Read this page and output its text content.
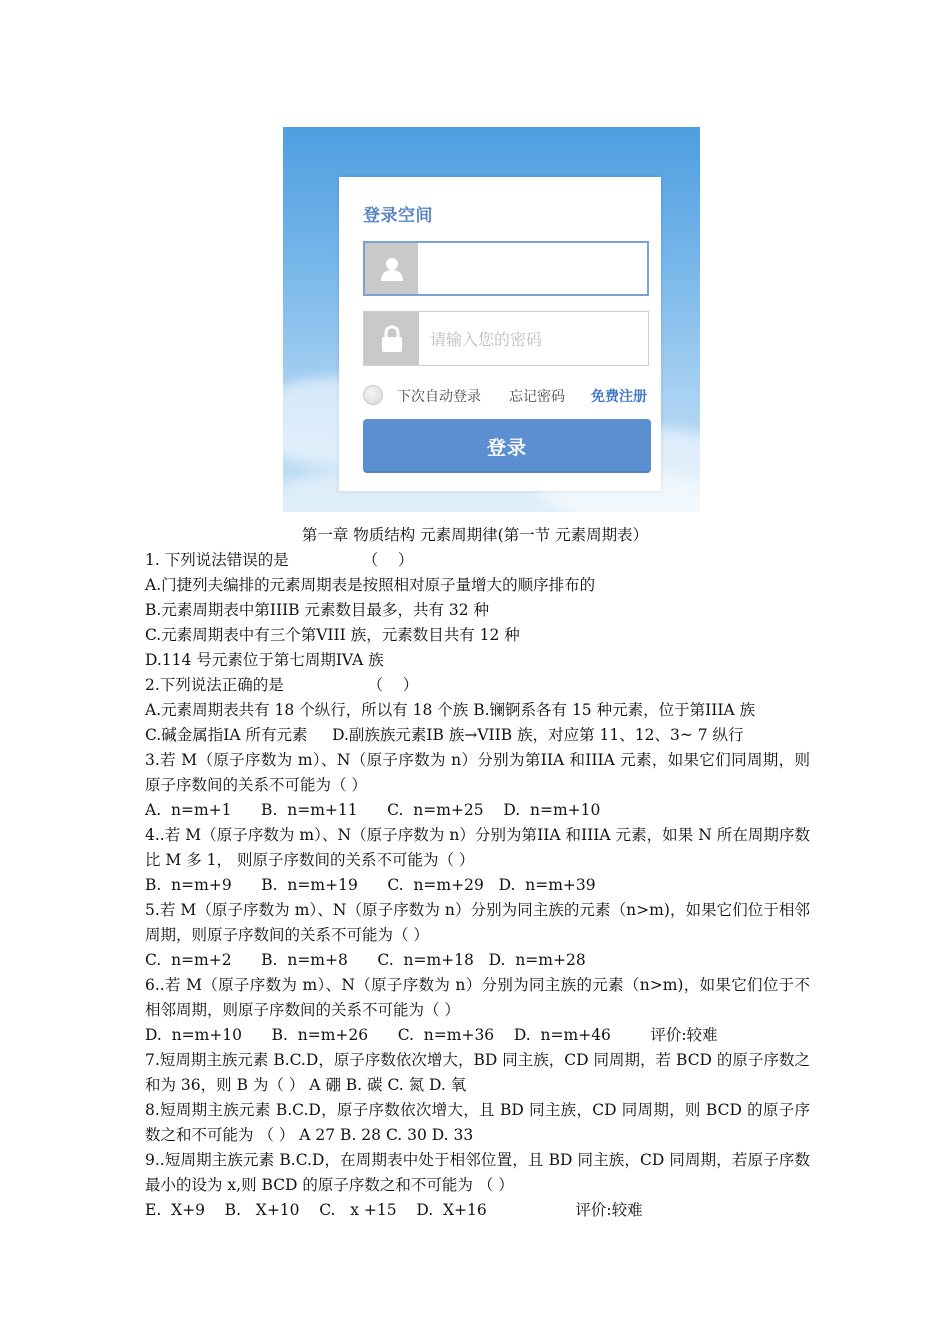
登录空间
下次自动登录 忘记密码 免费注册
登录
第一章 物质结构 元素周期律(第一节 元素周期表）

1. 下列说法错误的是               （    ）

A.门捷列夫编排的元素周期表是按照相对原子量增大的顺序排布的

B.元素周期表中第IIIB 元素数目最多，共有 32 种

C.元素周期表中有三个第VIII 族，元素数目共有 12 种

D.114 号元素位于第七周期IVA 族

2.下列说法正确的是                 （    ）

A.元素周期表共有 18 个纵行，所以有 18 个族 B.镧锕系各有 15 种元素，位于第IIIA 族

C.碱金属指IA 所有元素     D.副族族元素IB 族→VIIB 族，对应第 11、12、3~ 7 纵行

3.若 M（原子序数为 m）、N（原子序数为 n）分别为第IIA 和IIIA 元素，如果它们同周期，则原子序数间的关系不可能为（ ）

A.  n=m+1      B.  n=m+11      C.  n=m+25    D.  n=m+10

4..若 M（原子序数为 m）、N（原子序数为 n）分别为第IIA 和IIIA 元素，如果 N 所在周期序数比 M 多 1， 则原子序数间的关系不可能为（ ）

B.  n=m+9      B.  n=m+19      C.  n=m+29   D.  n=m+39

5.若 M（原子序数为 m）、N（原子序数为 n）分别为同主族的元素（n>m)，如果它们位于相邻周期，则原子序数间的关系不可能为（ ）

C.  n=m+2      B.  n=m+8      C.  n=m+18   D.  n=m+28

6..若 M（原子序数为 m）、N（原子序数为 n）分别为同主族的元素（n>m)，如果它们位于不相邻周期，则原子序数间的关系不可能为（ ）

D.  n=m+10      B.  n=m+26      C.  n=m+36    D.  n=m+46        评价:较难

7.短周期主族元素 B.C.D，原子序数依次增大，BD 同主族，CD 同周期，若 BCD 的原子序数之和为 36，则 B 为（ ） A 硼 B. 碳 C. 氮 D. 氧

8.短周期主族元素 B.C.D，原子序数依次增大，且 BD 同主族，CD 同周期，则 BCD 的原子序数之和不可能为 （ ） A 27 B. 28 C. 30 D. 33

9..短周期主族元素 B.C.D，在周期表中处于相邻位置，且 BD 同主族，CD 同周期，若原子序数最小的设为 x,则 BCD 的原子序数之和不可能为 （ ）

E.  X+9    B.   X+10    C.   x +15    D.  X+16                  评价:较难
